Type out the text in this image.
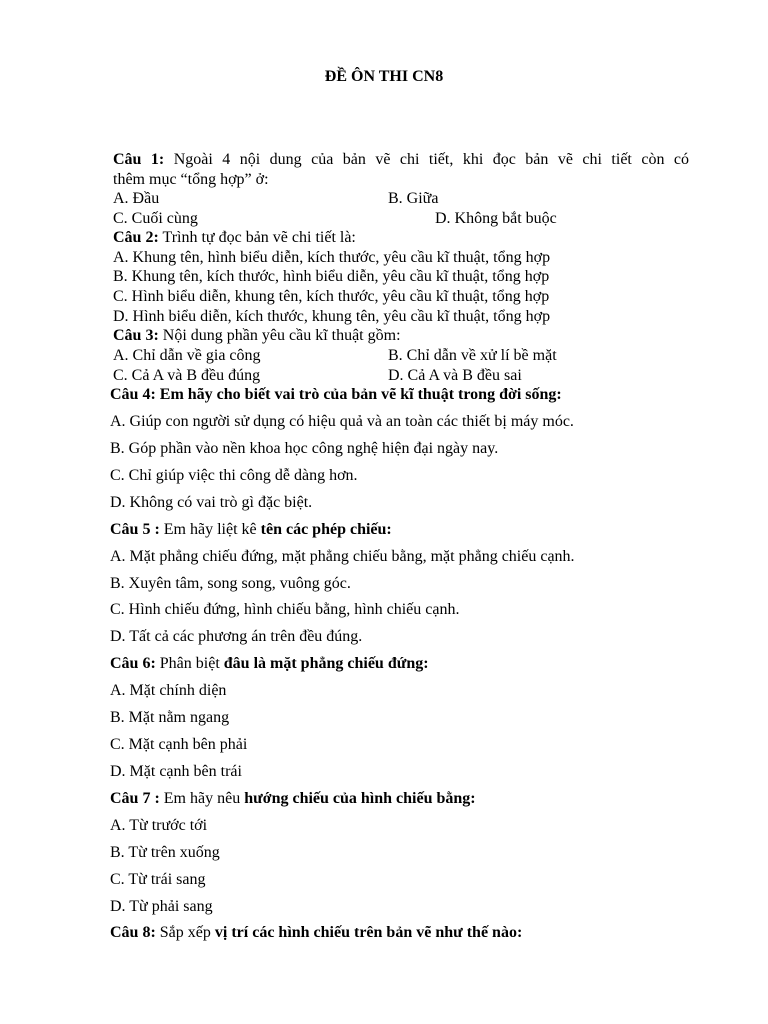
ĐỀ ÔN THI CN8
Câu 1: Ngoài 4 nội dung của bản vẽ chi tiết, khi đọc bản vẽ chi tiết còn có
thêm mục “tổng hợp” ở:
A. Đầu	B. Giữa
C. Cuối cùng	D. Không bắt buộc
Câu 2: Trình tự đọc bản vẽ chi tiết là:
A. Khung tên, hình biểu diễn, kích thước, yêu cầu kĩ thuật, tổng hợp
B. Khung tên, kích thước, hình biểu diễn, yêu cầu kĩ thuật, tổng hợp
C. Hình biểu diễn, khung tên, kích thước, yêu cầu kĩ thuật, tổng hợp
D. Hình biểu diễn, kích thước, khung tên, yêu cầu kĩ thuật, tổng hợp
Câu 3: Nội dung phần yêu cầu kĩ thuật gồm:
A. Chỉ dẫn về gia công	B. Chỉ dẫn về xử lí bề mặt
C. Cả A và B đều đúng	D. Cả A và B đều sai
Câu 4: Em hãy cho biết vai trò của bản vẽ kĩ thuật trong đời sống:
A. Giúp con người sử dụng có hiệu quả và an toàn các thiết bị máy móc.
B. Góp phần vào nền khoa học công nghệ hiện đại ngày nay.
C. Chỉ giúp việc thi công dễ dàng hơn.
D. Không có vai trò gì đặc biệt.
Câu 5 : Em hãy liệt kê tên các phép chiếu:
A. Mặt phẳng chiếu đứng, mặt phẳng chiếu bằng, mặt phẳng chiếu cạnh.
B. Xuyên tâm, song song, vuông góc.
C. Hình chiếu đứng, hình chiếu bằng, hình chiếu cạnh.
D. Tất cả các phương án trên đều đúng.
Câu 6: Phân biệt đâu là mặt phẳng chiếu đứng:
A. Mặt chính diện
B. Mặt nằm ngang
C. Mặt cạnh bên phải
D. Mặt cạnh bên trái
Câu 7 : Em hãy nêu hướng chiếu của hình chiếu bằng:
A. Từ trước tới
B. Từ trên xuống
C. Từ trái sang
D. Từ phải sang
Câu 8: Sắp xếp vị trí các hình chiếu trên bản vẽ như thế nào:
